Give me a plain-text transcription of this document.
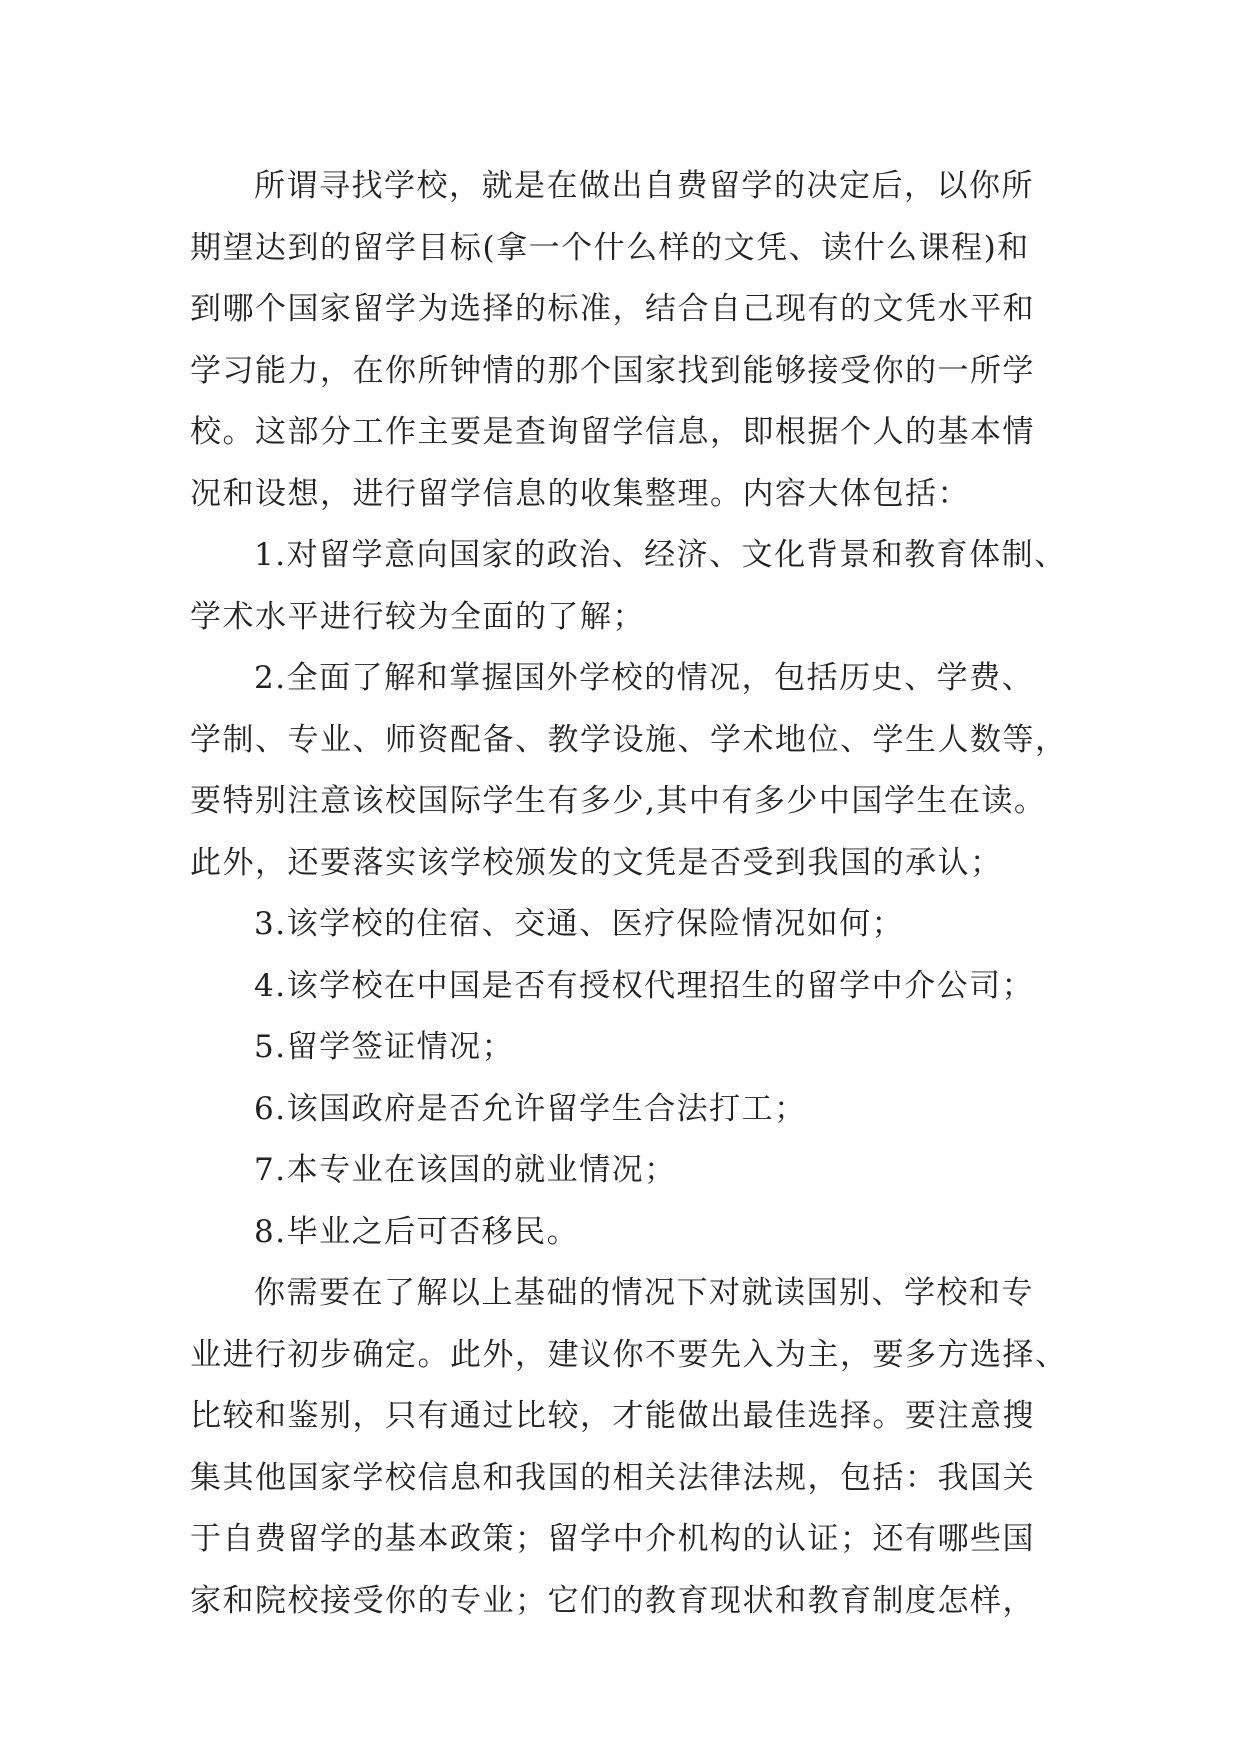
所谓寻找学校，就是在做出自费留学的决定后，以你所
期望达到的留学目标(拿一个什么样的文凭、读什么课程)和
到哪个国家留学为选择的标准，结合自己现有的文凭水平和
学习能力，在你所钟情的那个国家找到能够接受你的一所学
校。这部分工作主要是查询留学信息，即根据个人的基本情
况和设想，进行留学信息的收集整理。内容大体包括：
1.对留学意向国家的政治、经济、文化背景和教育体制、
学术水平进行较为全面的了解；
2.全面了解和掌握国外学校的情况，包括历史、学费、
学制、专业、师资配备、教学设施、学术地位、学生人数等，
要特别注意该校国际学生有多少,其中有多少中国学生在读。
此外，还要落实该学校颁发的文凭是否受到我国的承认；
3.该学校的住宿、交通、医疗保险情况如何；
4.该学校在中国是否有授权代理招生的留学中介公司；
5.留学签证情况；
6.该国政府是否允许留学生合法打工；
7.本专业在该国的就业情况；
8.毕业之后可否移民。
你需要在了解以上基础的情况下对就读国别、学校和专
业进行初步确定。此外，建议你不要先入为主，要多方选择、
比较和鉴别，只有通过比较，才能做出最佳选择。要注意搜
集其他国家学校信息和我国的相关法律法规，包括：我国关
于自费留学的基本政策；留学中介机构的认证；还有哪些国
家和院校接受你的专业；它们的教育现状和教育制度怎样，
